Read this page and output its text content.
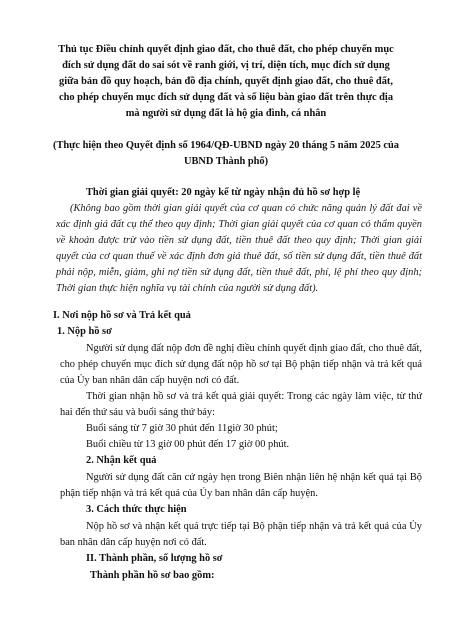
Thủ tục Điều chỉnh quyết định giao đất, cho thuê đất, cho phép chuyển mục đích sử dụng đất do sai sót về ranh giới, vị trí, diện tích, mục đích sử dụng giữa bản đồ quy hoạch, bản đồ địa chính, quyết định giao đất, cho thuê đất, cho phép chuyển mục đích sử dụng đất và số liệu bàn giao đất trên thực địa mà người sử dụng đất là hộ gia đình, cá nhân

(Thực hiện theo Quyết định số 1964/QĐ-UBND ngày 20 tháng 5 năm 2025 của UBND Thành phố)

Thời gian giải quyết: 20 ngày kể từ ngày nhận đủ hồ sơ hợp lệ

(Không bao gồm thời gian giải quyết của cơ quan có chức năng quản lý đất đai về xác định giá đất cụ thể theo quy định; Thời gian giải quyết của cơ quan có thẩm quyền về khoản được trừ vào tiền sử dụng đất, tiền thuê đất theo quy định; Thời gian giải quyết của cơ quan thuế về xác định đơn giá thuê đất, số tiền sử dụng đất, tiền thuê đất phải nộp, miễn, giảm, ghi nợ tiền sử dụng đất, tiền thuê đất, phí, lệ phí theo quy định; Thời gian thực hiện nghĩa vụ tài chính của người sử dụng đất).

I. Nơi nộp hồ sơ và Trả kết quả

1. Nộp hồ sơ

Người sử dụng đất nộp đơn đề nghị điều chỉnh quyết định giao đất, cho thuê đất, cho phép chuyển mục đích sử dụng đất nộp hồ sơ tại Bộ phận tiếp nhận và trả kết quả của Ủy ban nhân dân cấp huyện nơi có đất.

Thời gian nhận hồ sơ và trả kết quả giải quyết: Trong các ngày làm việc, từ thứ hai đến thứ sáu và buổi sáng thứ bảy:

Buổi sáng từ 7 giờ 30 phút đến 11giờ 30 phút;

Buổi chiều từ 13 giờ 00 phút đến 17 giờ 00 phút.

2. Nhận kết quả

Người sử dụng đất căn cứ ngày hẹn trong Biên nhận liên hệ nhận kết quả tại Bộ phận tiếp nhận và trả kết quả của Ủy ban nhân dân cấp huyện.

3. Cách thức thực hiện

Nộp hồ sơ và nhận kết quả trực tiếp tại Bộ phận tiếp nhận và trả kết quả của Ủy ban nhân dân cấp huyện nơi có đất.

II. Thành phần, số lượng hồ sơ

Thành phần hồ sơ bao gồm:
